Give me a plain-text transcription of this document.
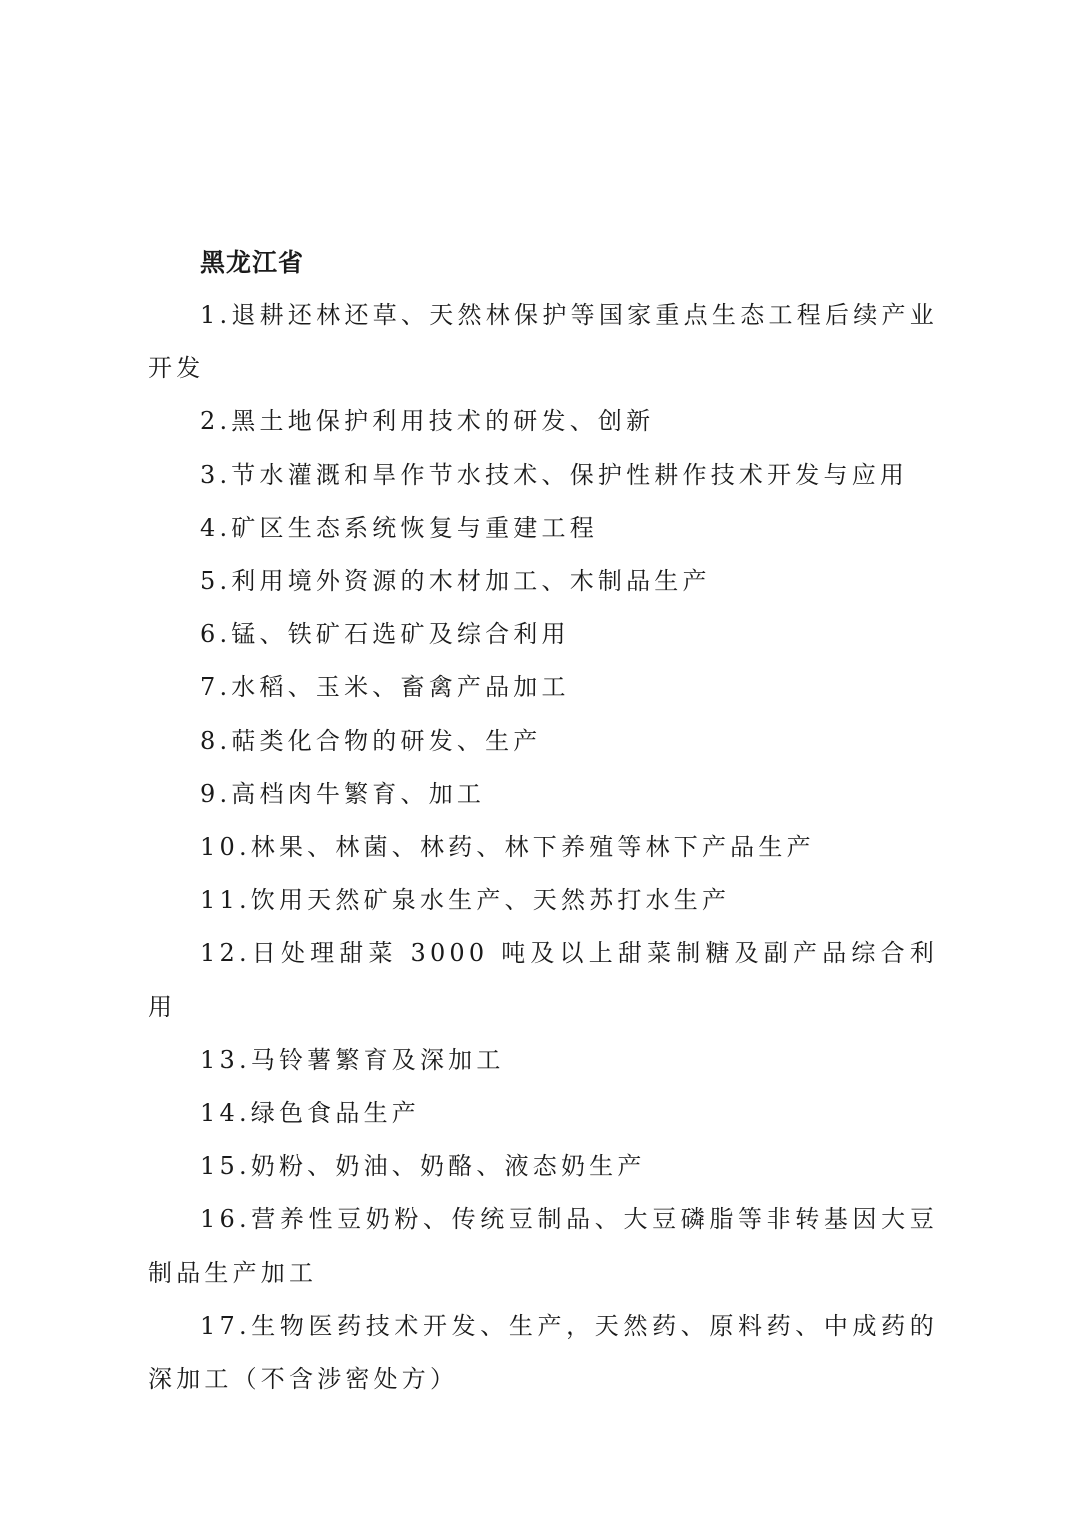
黑龙江省
1.退耕还林还草、天然林保护等国家重点生态工程后续产业开发
2.黑土地保护利用技术的研发、创新
3.节水灌溉和旱作节水技术、保护性耕作技术开发与应用
4.矿区生态系统恢复与重建工程
5.利用境外资源的木材加工、木制品生产
6.锰、铁矿石选矿及综合利用
7.水稻、玉米、畜禽产品加工
8.萜类化合物的研发、生产
9.高档肉牛繁育、加工
10.林果、林菌、林药、林下养殖等林下产品生产
11.饮用天然矿泉水生产、天然苏打水生产
12.日处理甜菜 3000 吨及以上甜菜制糖及副产品综合利用
13.马铃薯繁育及深加工
14.绿色食品生产
15.奶粉、奶油、奶酪、液态奶生产
16.营养性豆奶粉、传统豆制品、大豆磷脂等非转基因大豆制品生产加工
17.生物医药技术开发、生产，天然药、原料药、中成药的深加工（不含涉密处方）
